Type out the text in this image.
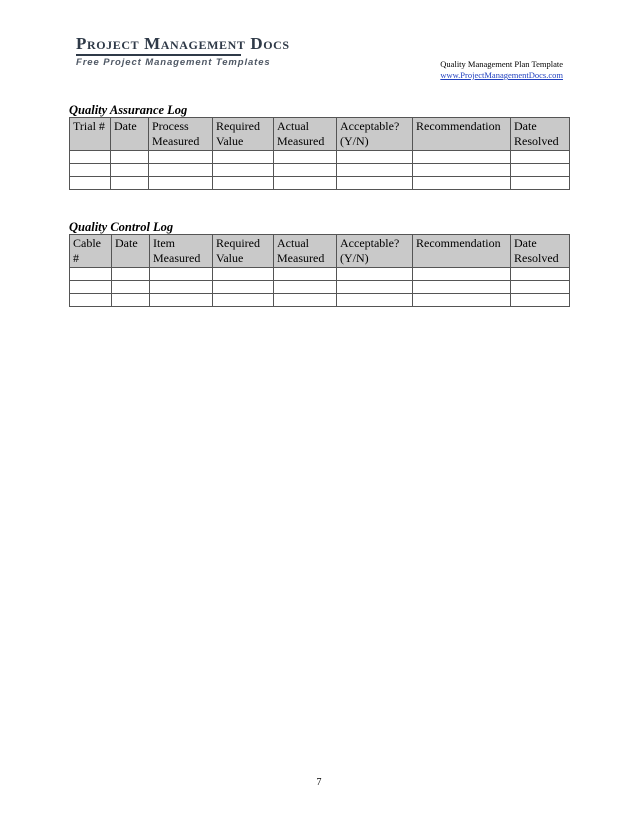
Project Management Docs
Free Project Management Templates	Quality Management Plan Template
www.ProjectManagementDocs.com
Quality Assurance Log
Trial #	Date	Process Measured	Required Value	Actual Measured	Acceptable? (Y/N)	Recommendation	Date Resolved

Quality Control Log
Cable #	Date	Item Measured	Required Value	Actual Measured	Acceptable? (Y/N)	Recommendation	Date Resolved

7
